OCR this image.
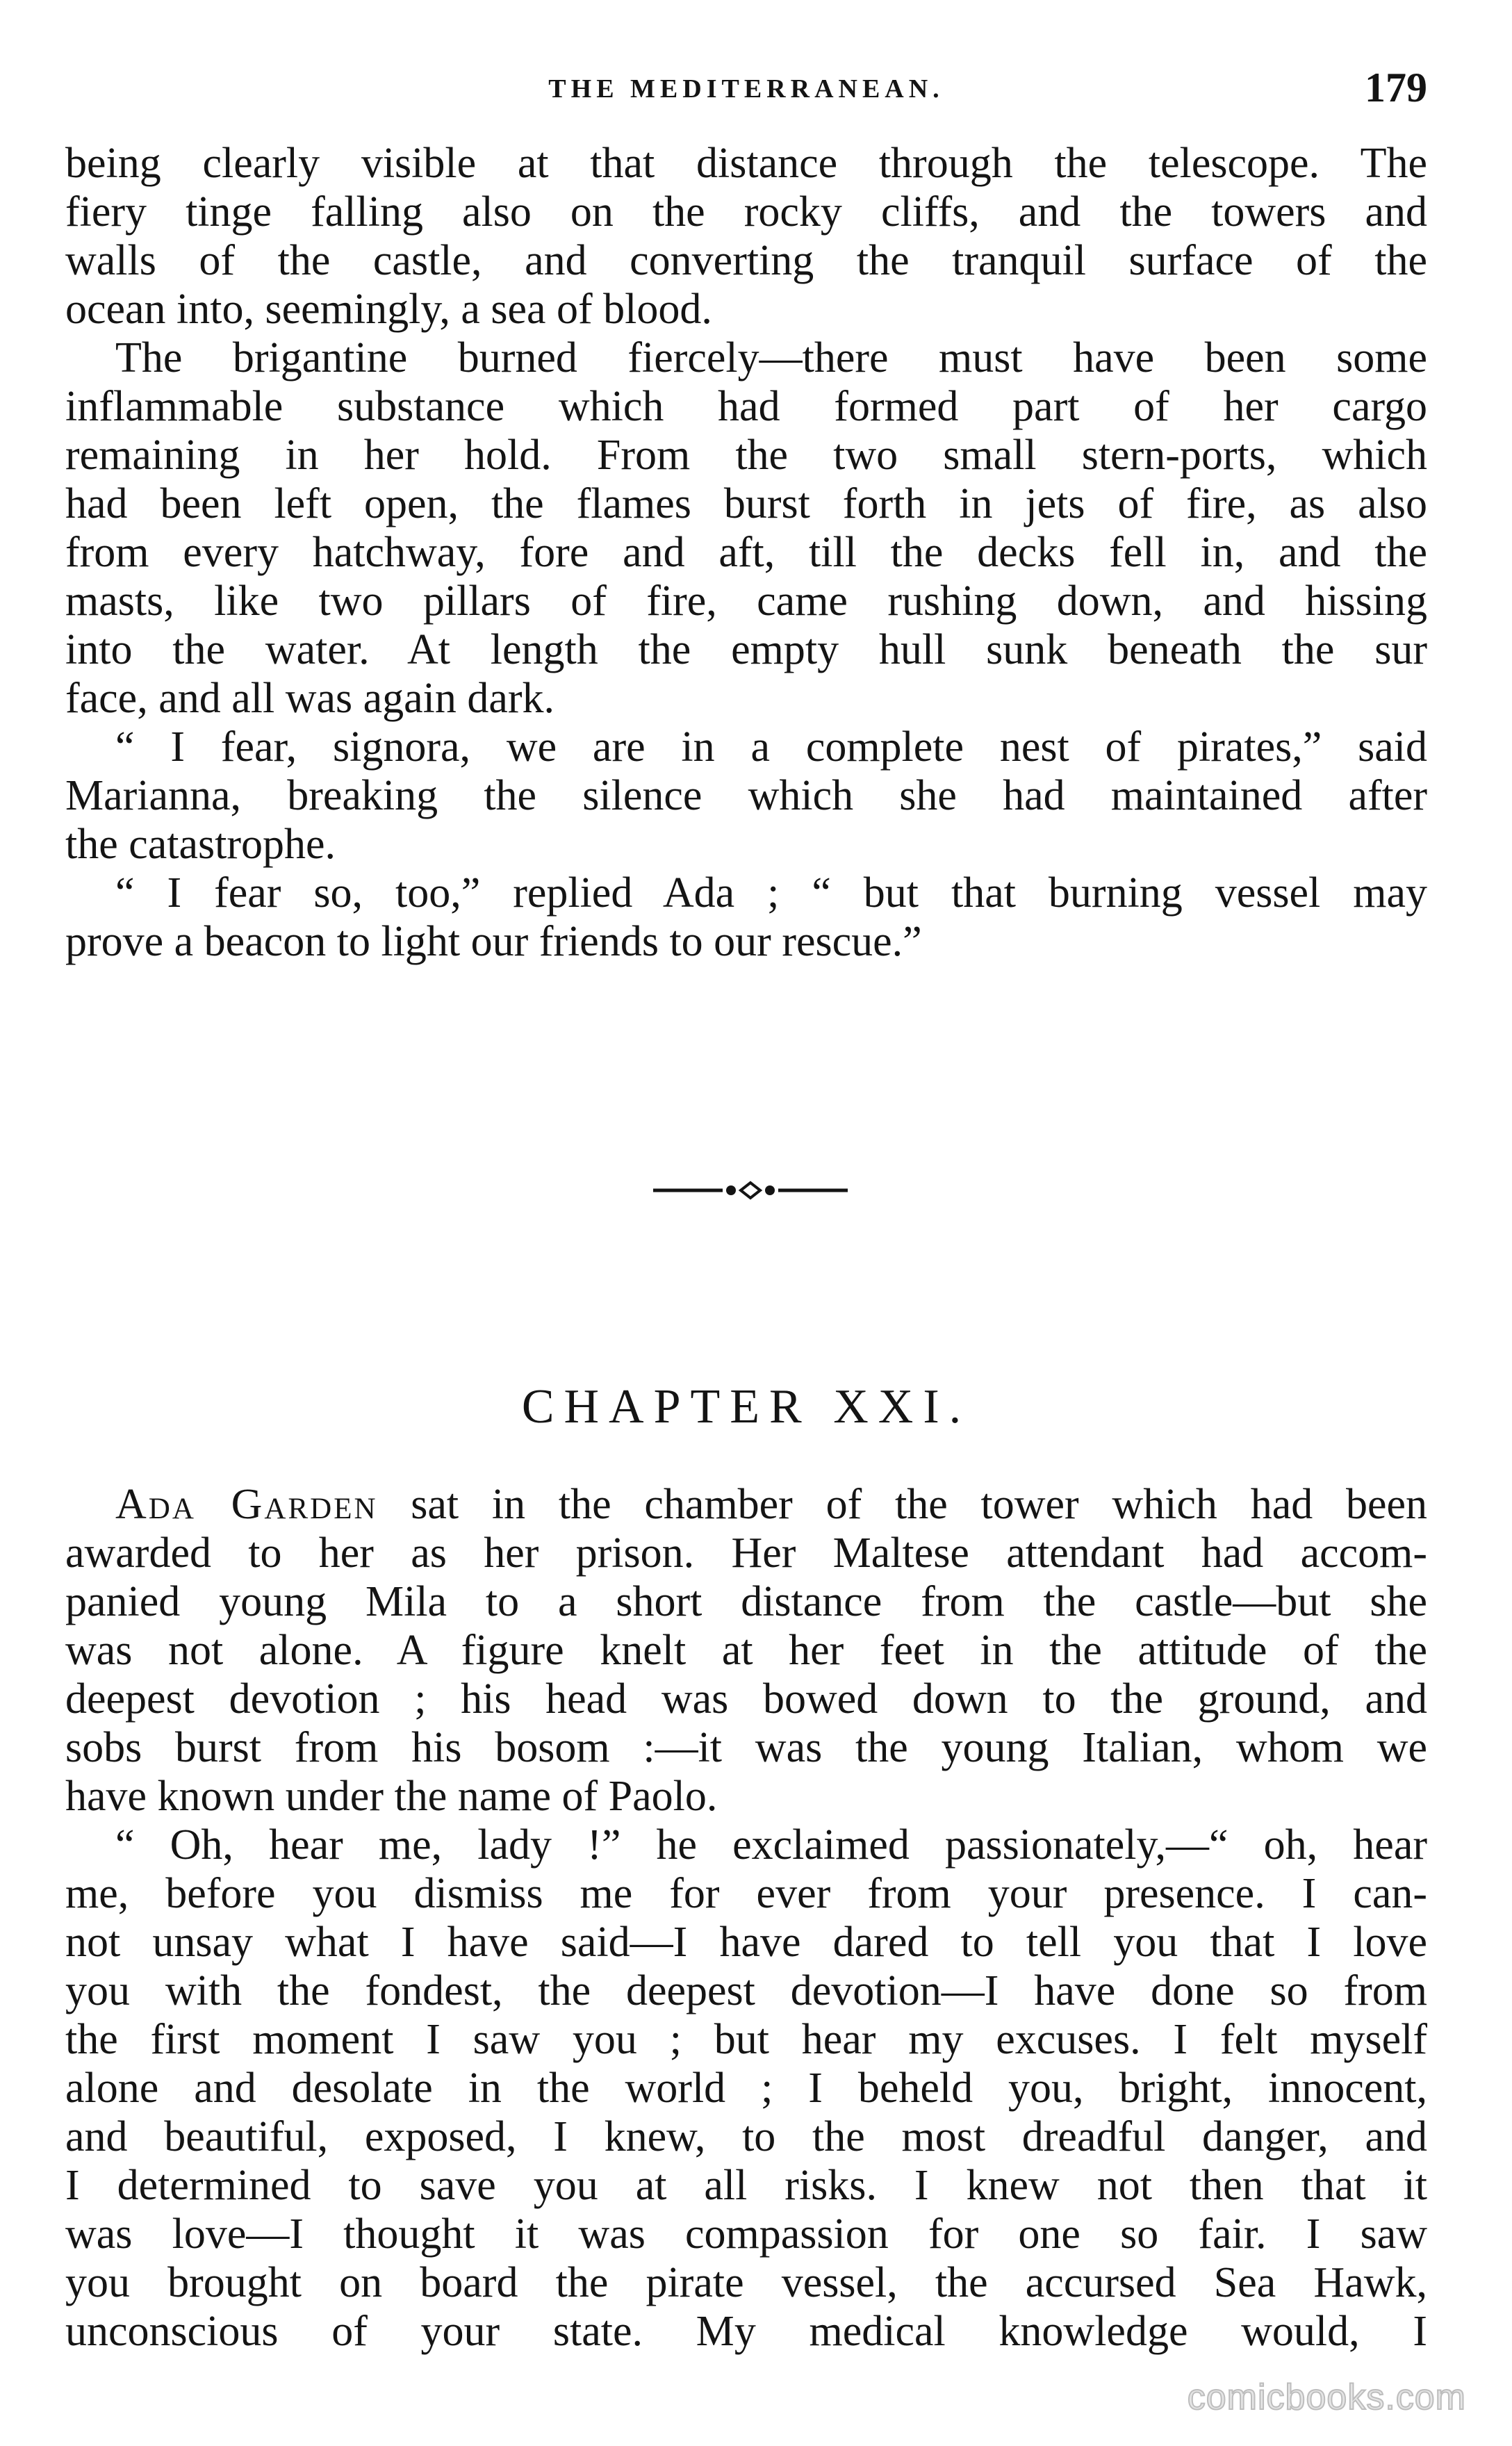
THE MEDITERRANEAN.	179
being clearly visible at that distance through the telescope. The
fiery tinge falling also on the rocky cliffs, and the towers and
walls of the castle, and converting the tranquil surface of the
ocean into, seemingly, a sea of blood.
The brigantine burned fiercely—there must have been some
inflammable substance which had formed part of her cargo
remaining in her hold. From the two small stern-ports, which
had been left open, the flames burst forth in jets of fire, as also
from every hatchway, fore and aft, till the decks fell in, and the
masts, like two pillars of fire, came rushing down, and hissing
into the water. At length the empty hull sunk beneath the sur
face, and all was again dark.
“ I fear, signora, we are in a complete nest of pirates,” said
Marianna, breaking the silence which she had maintained after
the catastrophe.
“ I fear so, too,” replied Ada ; “ but that burning vessel may
prove a beacon to light our friends to our rescue.”
CHAPTER XXI.
Ada Garden sat in the chamber of the tower which had been
awarded to her as her prison. Her Maltese attendant had accom-
panied young Mila to a short distance from the castle—but she
was not alone. A figure knelt at her feet in the attitude of the
deepest devotion ; his head was bowed down to the ground, and
sobs burst from his bosom :—it was the young Italian, whom we
have known under the name of Paolo.
“ Oh, hear me, lady !” he exclaimed passionately,—“ oh, hear
me, before you dismiss me for ever from your presence. I can-
not unsay what I have said—I have dared to tell you that I love
you with the fondest, the deepest devotion—I have done so from
the first moment I saw you ; but hear my excuses. I felt myself
alone and desolate in the world ; I beheld you, bright, innocent,
and beautiful, exposed, I knew, to the most dreadful danger, and
I determined to save you at all risks. I knew not then that it
was love—I thought it was compassion for one so fair. I saw
you brought on board the pirate vessel, the accursed Sea Hawk,
unconscious of your state. My medical knowledge would, I
comicbooks.com
